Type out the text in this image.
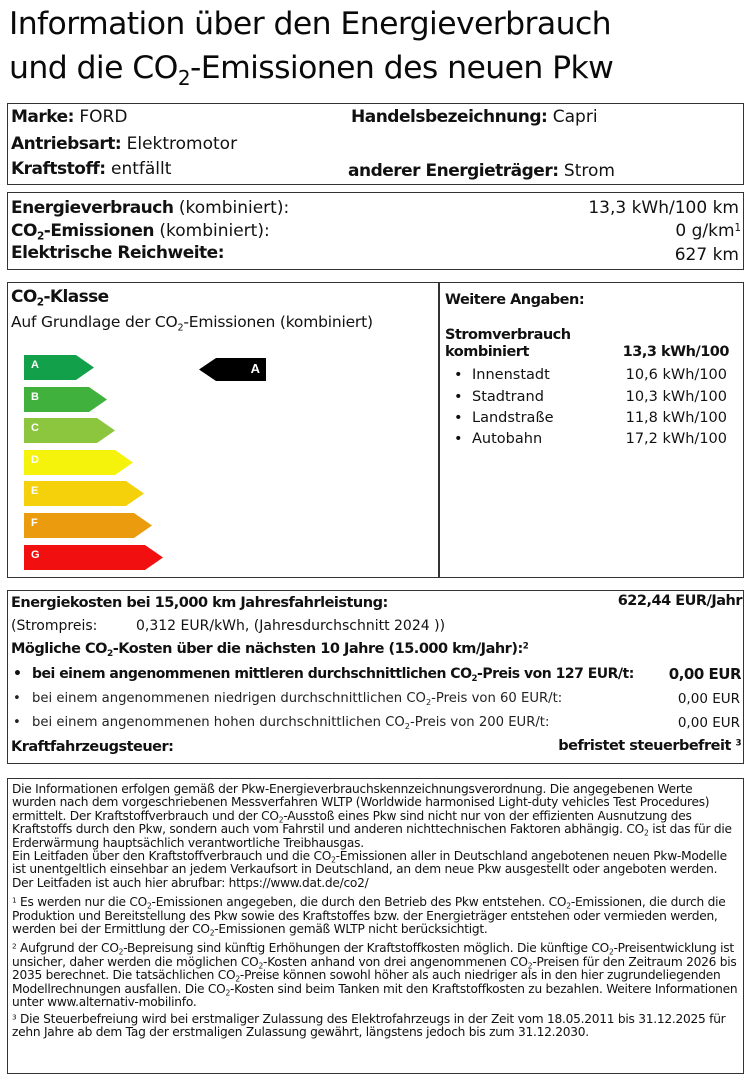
Information über den Energieverbrauch
und die $CO_2$-Emissionen des neuen Pkw
Marke: FORD	Handelsbezeichnung: Capri
Antriebsart: Elektromotor
Kraftstoff: entfällt	anderer Energieträger: Strom
Energieverbrauch (kombiniert):	13,3 kWh/100 km
$CO_2$-Emissionen (kombiniert):	0 g/km$^1$
Elektrische Reichweite:	627 km
$CO_2$-Klasse
Auf Grundlage der $CO_2$-Emissionen (kombiniert)
A
B
C
D
E
F
G
A
Weitere Angaben:
Stromverbrauch
kombiniert	13,3 kWh/100
• Innenstadt	10,6 kWh/100
• Stadtrand	10,3 kWh/100
• Landstraße	11,8 kWh/100
• Autobahn	17,2 kWh/100
Energiekosten bei 15,000 km Jahresfahrleistung:	622,44 EUR/Jahr
(Strompreis:	0,312 EUR/kWh, (Jahresdurchschnitt 2024 ))
Mögliche $CO_2$-Kosten über die nächsten 10 Jahre (15.000 km/Jahr):$^2$
• bei einem angenommenen mittleren durchschnittlichen $CO_2$-Preis von 127 EUR/t: 0,00 EUR
• bei einem angenommenen niedrigen durchschnittlichen $CO_2$-Preis von 60 EUR/t:	0,00 EUR
• bei einem angenommenen hohen durchschnittlichen $CO_2$-Preis von 200 EUR/t:	0,00 EUR
Kraftfahrzeugsteuer:	befristet steuerbefreit $^3$

Die Informationen erfolgen gemäß der Pkw-Energieverbrauchskennzeichnungsverordnung. Die angegebenen Werte wurden nach dem vorgeschriebenen Messverfahren WLTP (Worldwide harmonised Light-duty vehicles Test Procedures) ermittelt. Der Kraftstoffverbrauch und der $CO_2$-Ausstoß eines Pkw sind nicht nur von der effizienten Ausnutzung des Kraftstoffs durch den Pkw, sondern auch vom Fahrstil und anderen nichttechnischen Faktoren abhängig. $CO_2$ ist das für die Erderwärmung hauptsächlich verantwortliche Treibhausgas.

Ein Leitfaden über den Kraftstoffverbrauch und die $CO_2$-Emissionen aller in Deutschland angebotenen neuen Pkw-Modelle ist unentgeltlich einsehbar an jedem Verkaufsort in Deutschland, an dem neue Pkw ausgestellt oder angeboten werden. Der Leitfaden ist auch hier abrufbar: https://www.dat.de/co2/

$^1$ Es werden nur die $CO_2$-Emissionen angegeben, die durch den Betrieb des Pkw entstehen. $CO_2$-Emissionen, die durch die Produktion und Bereitstellung des Pkw sowie des Kraftstoffes bzw. der Energieträger entstehen oder vermieden werden, werden bei der Ermittlung der $CO_2$-Emissionen gemäß WLTP nicht berücksichtigt.

$^2$ Aufgrund der $CO_2$-Bepreisung sind künftig Erhöhungen der Kraftstoffkosten möglich. Die künftige $CO_2$-Preisentwicklung ist unsicher, daher werden die möglichen $CO_2$-Kosten anhand von drei angenommenen $CO_2$-Preisen für den Zeitraum 2026 bis 2035 berechnet. Die tatsächlichen $CO_2$-Preise können sowohl höher als auch niedriger als in den hier zugrundeliegenden Modellrechnungen ausfallen. Die $CO_2$-Kosten sind beim Tanken mit den Kraftstoffkosten zu bezahlen. Weitere Informationen unter www.alternativ-mobilinfo.

$^3$ Die Steuerbefreiung wird bei erstmaliger Zulassung des Elektrofahrzeugs in der Zeit vom 18.05.2011 bis 31.12.2025 für zehn Jahre ab dem Tag der erstmaligen Zulassung gewährt, längstens jedoch bis zum 31.12.2030.
